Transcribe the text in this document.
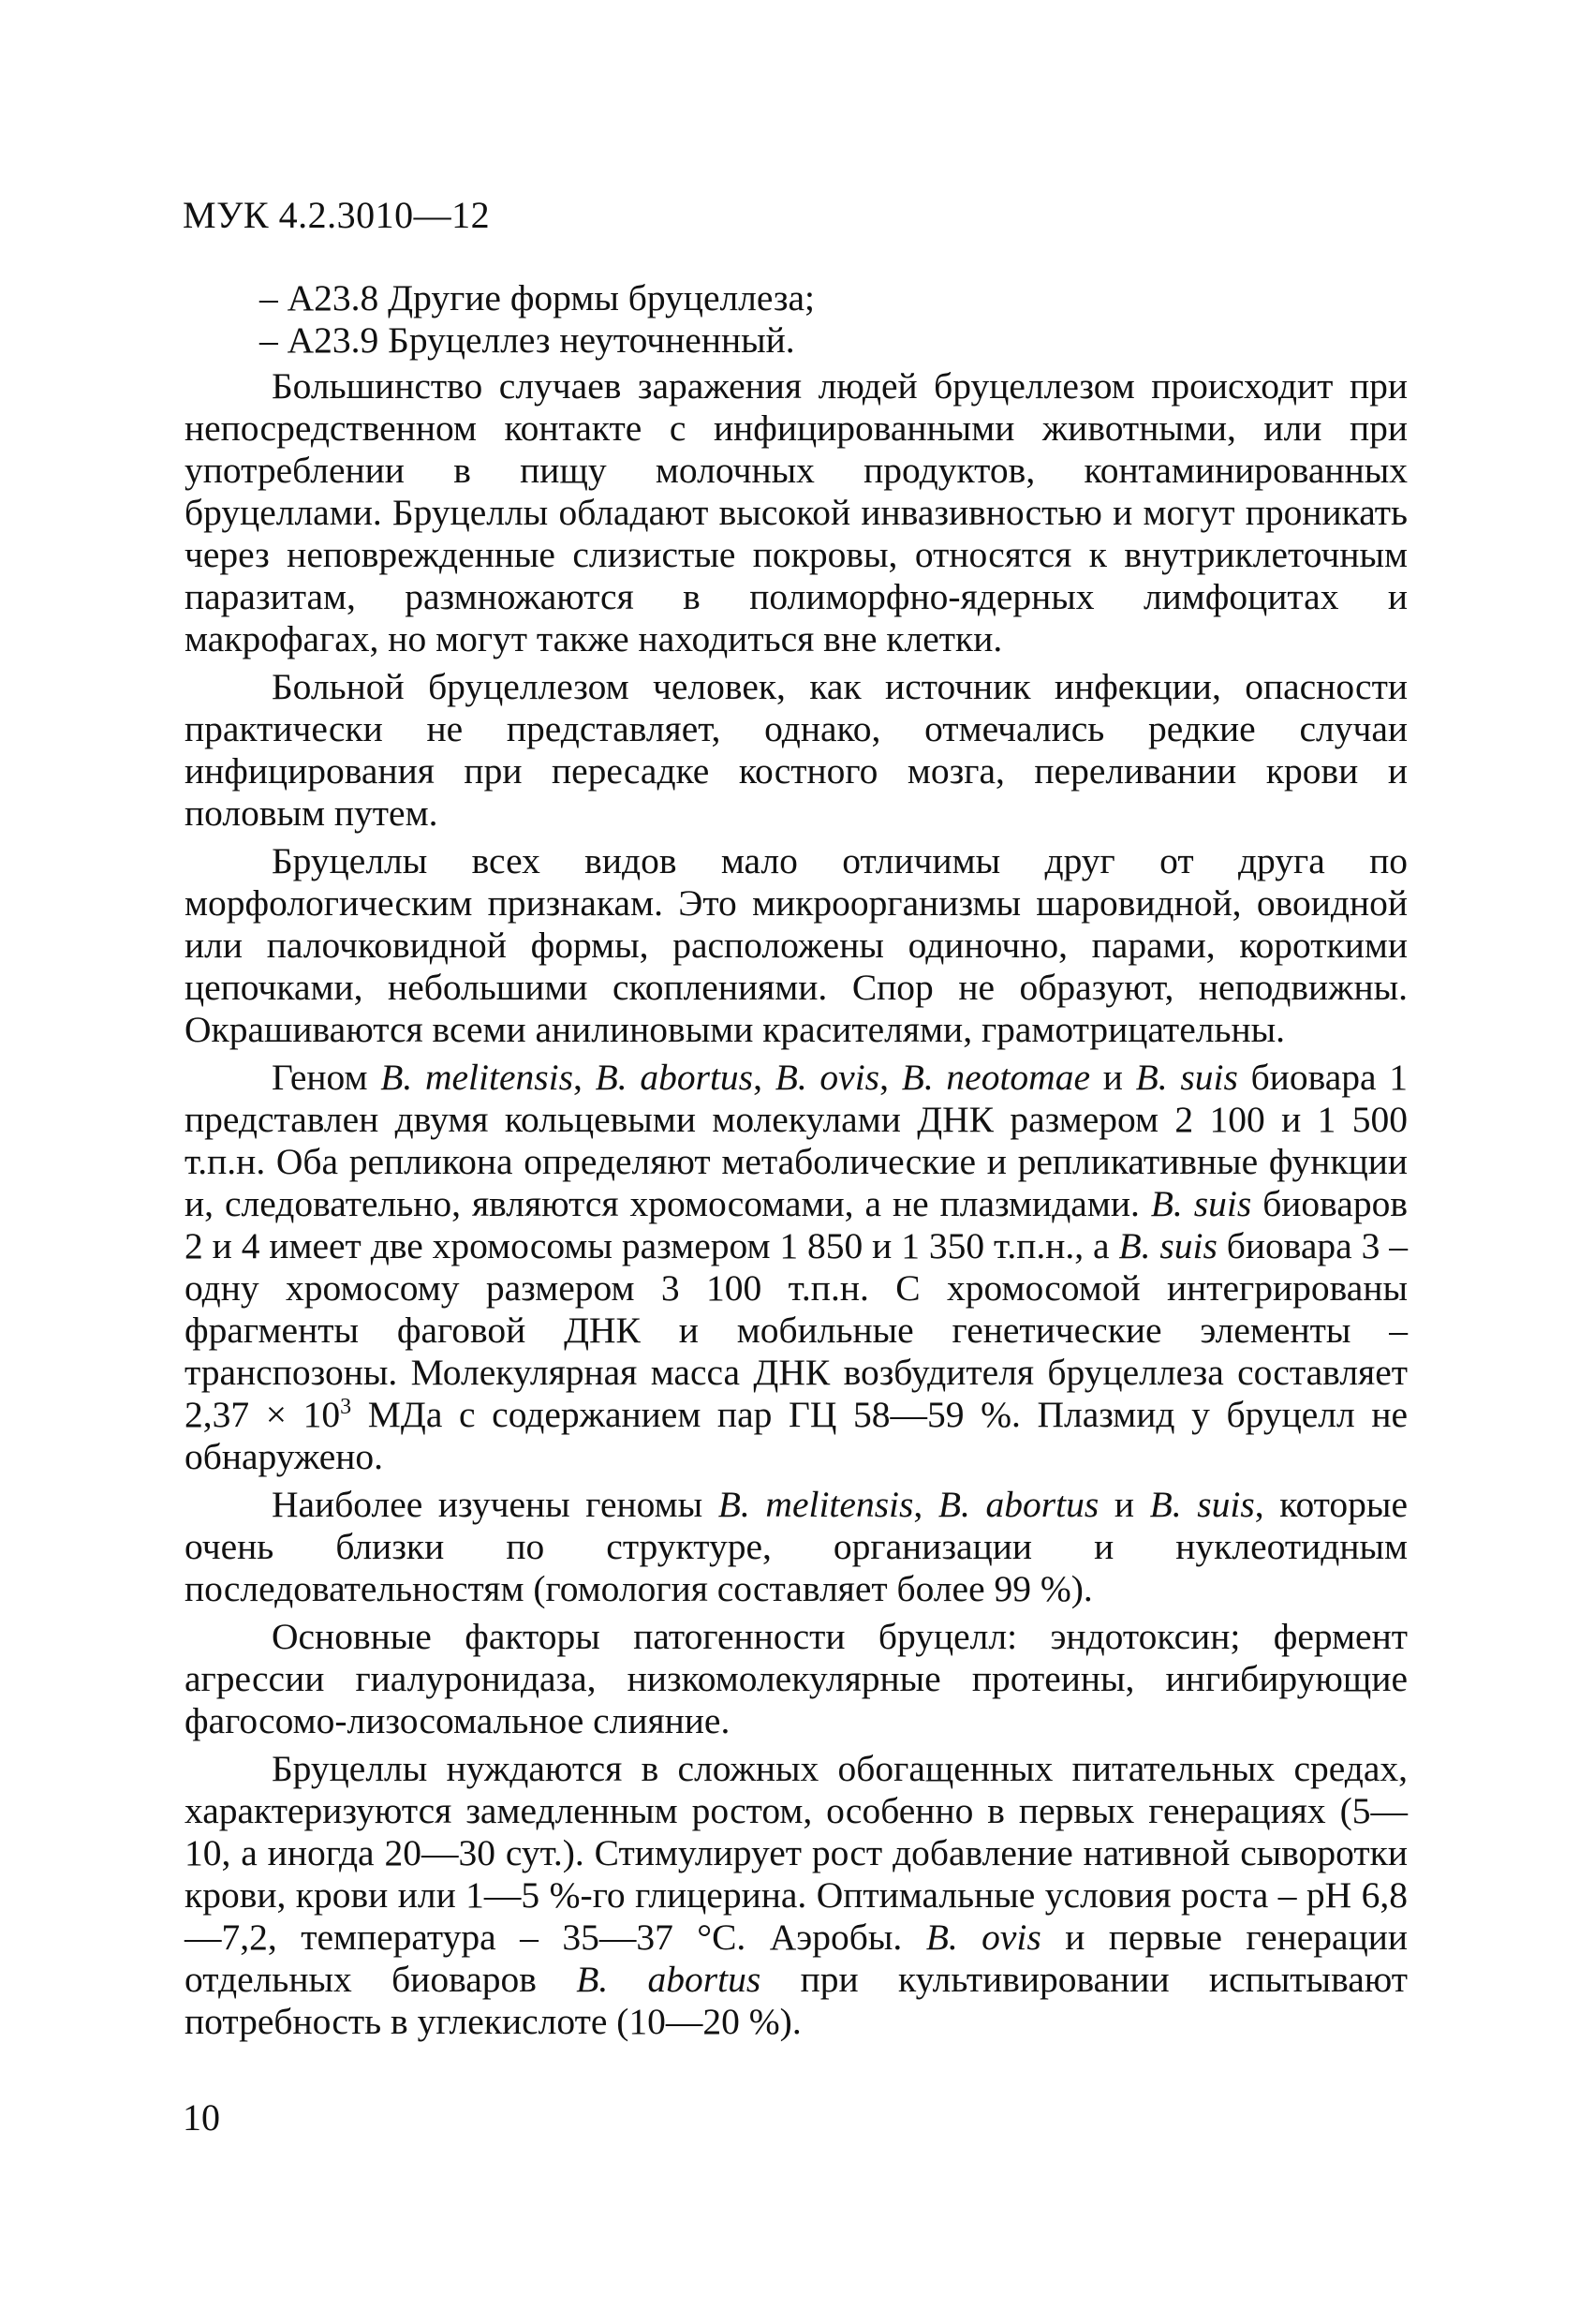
МУК 4.2.3010—12

– А23.8 Другие формы бруцеллеза;

– А23.9 Бруцеллез неуточненный.

Большинство случаев заражения людей бруцеллезом происходит при непосредственном контакте с инфицированными животными, или при употреблении в пищу молочных продуктов, контаминированных бруцеллами. Бруцеллы обладают высокой инвазивностью и могут проникать через неповрежденные слизистые покровы, относятся к внутриклеточным паразитам, размножаются в полиморфно-ядерных лимфоцитах и макрофагах, но могут также находиться вне клетки.

Больной бруцеллезом человек, как источник инфекции, опасности практически не представляет, однако, отмечались редкие случаи инфицирования при пересадке костного мозга, переливании крови и половым путем.

Бруцеллы всех видов мало отличимы друг от друга по морфологическим признакам. Это микроорганизмы шаровидной, овоидной или палочковидной формы, расположены одиночно, парами, короткими цепочками, небольшими скоплениями. Спор не образуют, неподвижны. Окрашиваются всеми анилиновыми красителями, грамотрицательны.

Геном B. melitensis, B. abortus, B. ovis, B. neotomae и B. suis биовара 1 представлен двумя кольцевыми молекулами ДНК размером 2 100 и 1 500 т.п.н. Оба репликона определяют метаболические и репликативные функции и, следовательно, являются хромосомами, а не плазмидами. B. suis биоваров 2 и 4 имеет две хромосомы размером 1 850 и 1 350 т.п.н., а B. suis биовара 3 – одну хромосому размером 3 100 т.п.н. С хромосомой интегрированы фрагменты фаговой ДНК и мобильные генетические элементы – транспозоны. Молекулярная масса ДНК возбудителя бруцеллеза составляет $2,37 \times 10^3$ МДа с содержанием пар ГЦ 58—59 %. Плазмид у бруцелл не обнаружено.

Наиболее изучены геномы B. melitensis, B. abortus и B. suis, которые очень близки по структуре, организации и нуклеотидным последовательностям (гомология составляет более 99 %).

Основные факторы патогенности бруцелл: эндотоксин; фермент агрессии гиалуронидаза, низкомолекулярные протеины, ингибирующие фагосомо-лизосомальное слияние.

Бруцеллы нуждаются в сложных обогащенных питательных средах, характеризуются замедленным ростом, особенно в первых генерациях (5—10, а иногда 20—30 сут.). Стимулирует рост добавление нативной сыворотки крови, крови или 1—5 %-го глицерина. Оптимальные условия роста – рН 6,8—7,2, температура – 35—37 °С. Аэробы. B. ovis и первые генерации отдельных биоваров B. abortus при культивировании испытывают потребность в углекислоте (10—20 %).

10
